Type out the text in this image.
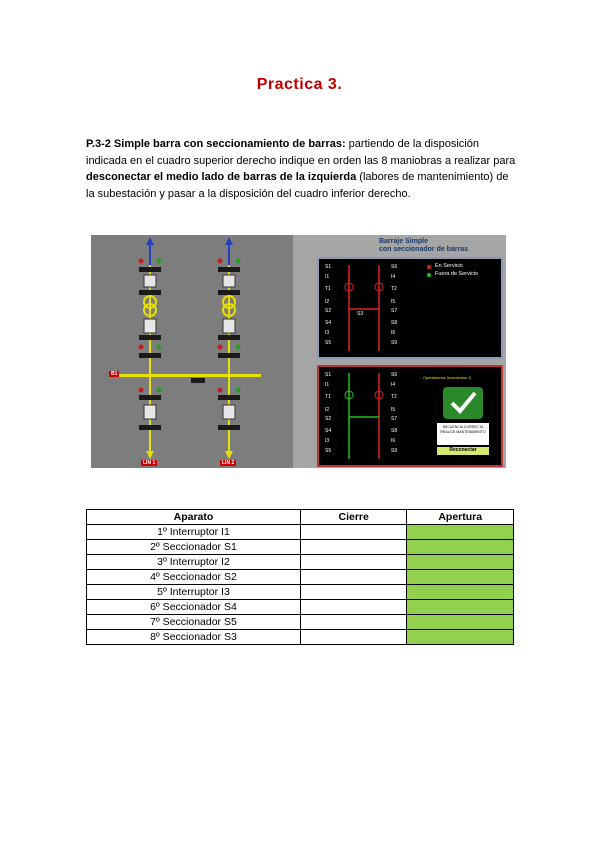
Practica 3.
P.3-2 Simple barra con seccionamiento de barras: partiendo de la disposición indicada en el cuadro superior derecho indique en orden las 8 maniobras a realizar para desconectar el medio lado de barras de la izquierda (labores de mantenimiento) de la subestación y pasar a la disposición del cuadro inferior derecho.
B1
LIN 1	LIN 2
Barraje Simple
con seccionador de barras
En Servicio
Fuera de Servicio
S3
S1
I1
T1
I2
S2
S4
I3
S5
S6
I4
T2
I5
S7
S8
I6
S9
Operaciones Incorrectas: 0
SECUENCIA CORRECTA REALICE MANTENIMIENTO
Reconectar
S1
I1
T1
I2
S2
S4
I3
S5
S6
I4
T2
I5
S7
S8
I6
S9
Aparato	Cierre	Apertura
1º Interruptor I1		
2º Seccionador S1		
3º Interruptor I2		
4º Seccionador S2		
5º Interruptor I3		
6º Seccionador S4		
7º Seccionador S5		
8º Seccionador S3		
